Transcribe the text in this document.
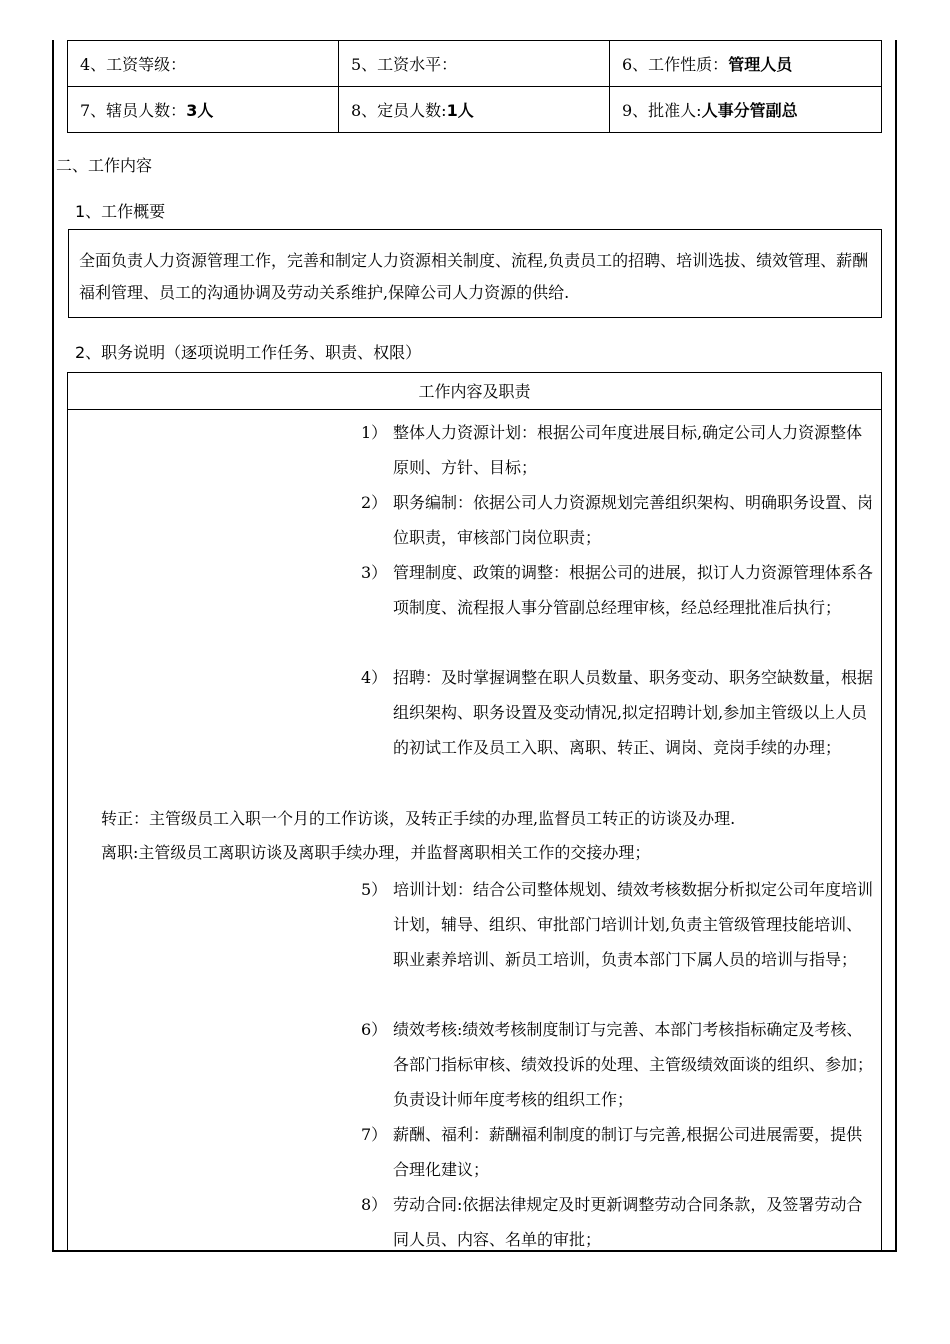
4、工资等级：	5、工资水平：	6、工作性质：管理人员
7、辖员人数：3人	8、定员人数:1人	9、批准人:人事分管副总
二、工作内容
1、工作概要
全面负责人力资源管理工作，完善和制定人力资源相关制度、流程,负责员工的招聘、培训选拔、绩效管理、薪酬福利管理、员工的沟通协调及劳动关系维护,保障公司人力资源的供给.
2、职务说明（逐项说明工作任务、职责、权限）
工作内容及职责
1） 整体人力资源计划：根据公司年度进展目标,确定公司人力资源整体原则、方针、目标；
2） 职务编制：依据公司人力资源规划完善组织架构、明确职务设置、岗位职责，审核部门岗位职责；
3） 管理制度、政策的调整：根据公司的进展，拟订人力资源管理体系各项制度、流程报人事分管副总经理审核，经总经理批准后执行；
4） 招聘：及时掌握调整在职人员数量、职务变动、职务空缺数量，根据组织架构、职务设置及变动情况,拟定招聘计划,参加主管级以上人员的初试工作及员工入职、离职、转正、调岗、竞岗手续的办理；
转正：主管级员工入职一个月的工作访谈，及转正手续的办理,监督员工转正的访谈及办理.
离职:主管级员工离职访谈及离职手续办理，并监督离职相关工作的交接办理；
5） 培训计划：结合公司整体规划、绩效考核数据分析拟定公司年度培训计划，辅导、组织、审批部门培训计划,负责主管级管理技能培训、职业素养培训、新员工培训，负责本部门下属人员的培训与指导；
6） 绩效考核:绩效考核制度制订与完善、本部门考核指标确定及考核、各部门指标审核、绩效投诉的处理、主管级绩效面谈的组织、参加；负责设计师年度考核的组织工作；
7） 薪酬、福利：薪酬福利制度的制订与完善,根据公司进展需要，提供合理化建议；
8） 劳动合同:依据法律规定及时更新调整劳动合同条款，及签署劳动合同人员、内容、名单的审批；
